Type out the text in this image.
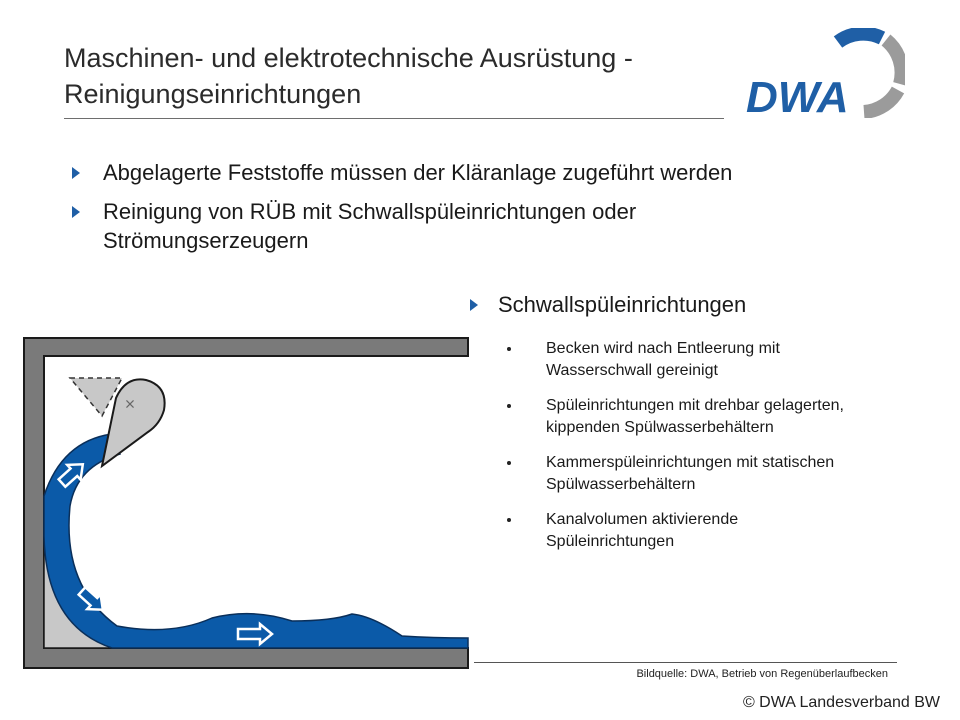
Maschinen- und elektrotechnische Ausrüstung -
Reinigungseinrichtungen	DWA
Abgelagerte Feststoffe müssen der Kläranlage zugeführt werden
Reinigung von RÜB mit Schwallspüleinrichtungen oder Strömungserzeugern
Schwallspüleinrichtungen
Becken wird nach Entleerung mit Wasserschwall gereinigt
Spüleinrichtungen mit drehbar gelagerten, kippenden Spülwasserbehältern
Kammerspüleinrichtungen mit statischen Spülwasserbehältern
Kanalvolumen aktivierende Spüleinrichtungen
Bildquelle: DWA, Betrieb von Regenüberlaufbecken
© DWA Landesverband BW
